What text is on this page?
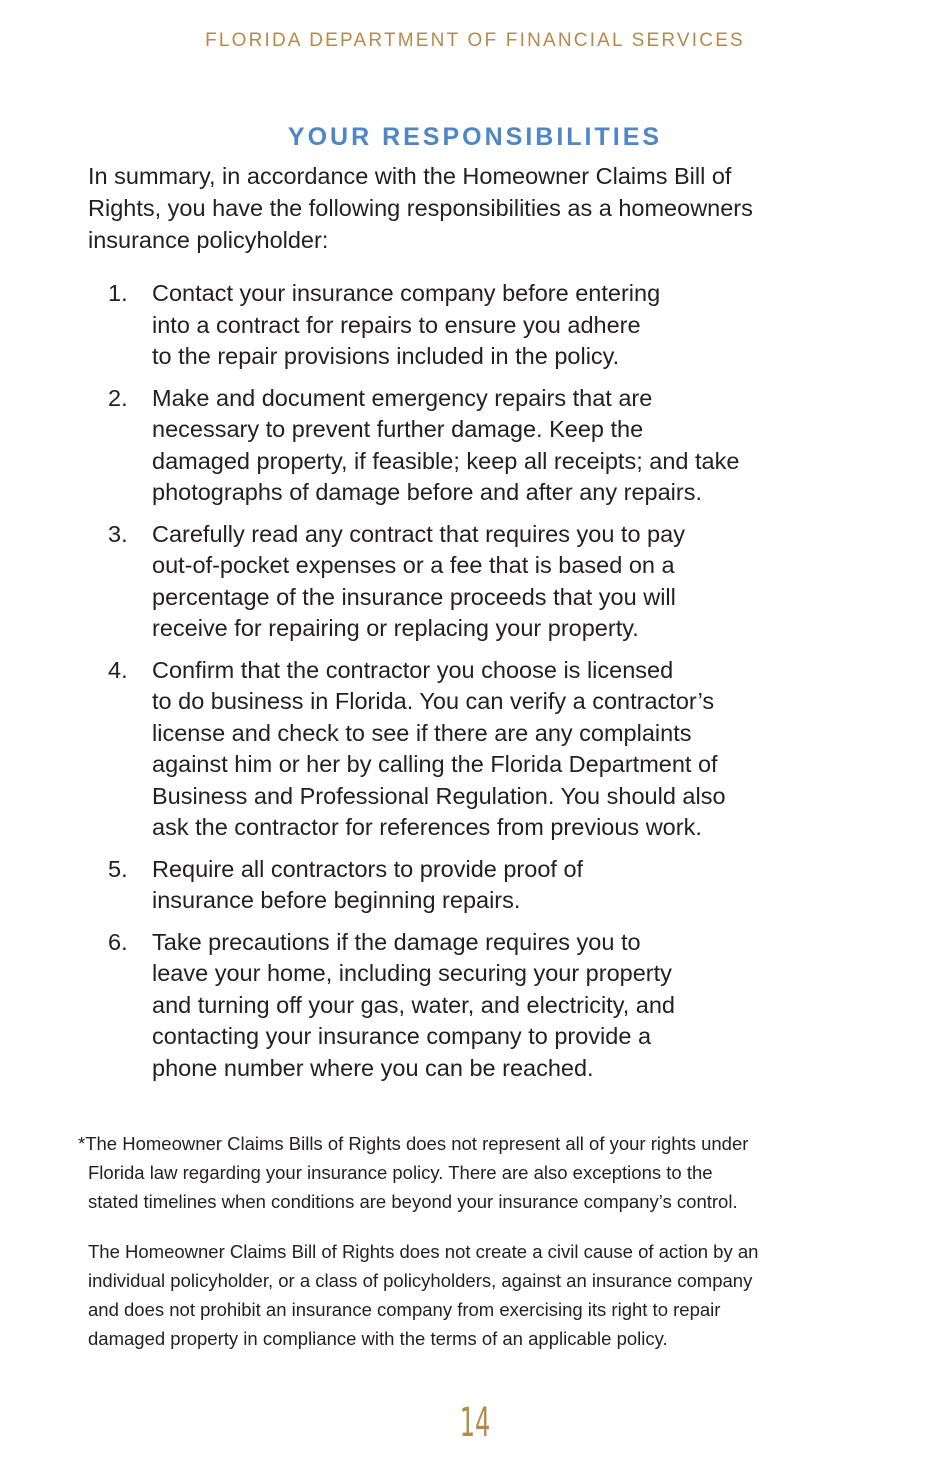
FLORIDA DEPARTMENT OF FINANCIAL SERVICES
YOUR RESPONSIBILITIES
In summary, in accordance with the Homeowner Claims Bill of
Rights, you have the following responsibilities as a homeowners
insurance policyholder:
1. Contact your insurance company before entering
into a contract for repairs to ensure you adhere
to the repair provisions included in the policy.
2. Make and document emergency repairs that are
necessary to prevent further damage. Keep the
damaged property, if feasible; keep all receipts; and take
photographs of damage before and after any repairs.
3. Carefully read any contract that requires you to pay
out-of-pocket expenses or a fee that is based on a
percentage of the insurance proceeds that you will
receive for repairing or replacing your property.
4. Confirm that the contractor you choose is licensed
to do business in Florida. You can verify a contractor’s
license and check to see if there are any complaints
against him or her by calling the Florida Department of
Business and Professional Regulation. You should also
ask the contractor for references from previous work.
5. Require all contractors to provide proof of
insurance before beginning repairs.
6. Take precautions if the damage requires you to
leave your home, including securing your property
and turning off your gas, water, and electricity, and
contacting your insurance company to provide a
phone number where you can be reached.

*The Homeowner Claims Bills of Rights does not represent all of your rights under
Florida law regarding your insurance policy. There are also exceptions to the
stated timelines when conditions are beyond your insurance company’s control.

The Homeowner Claims Bill of Rights does not create a civil cause of action by an
individual policyholder, or a class of policyholders, against an insurance company
and does not prohibit an insurance company from exercising its right to repair
damaged property in compliance with the terms of an applicable policy.

14
